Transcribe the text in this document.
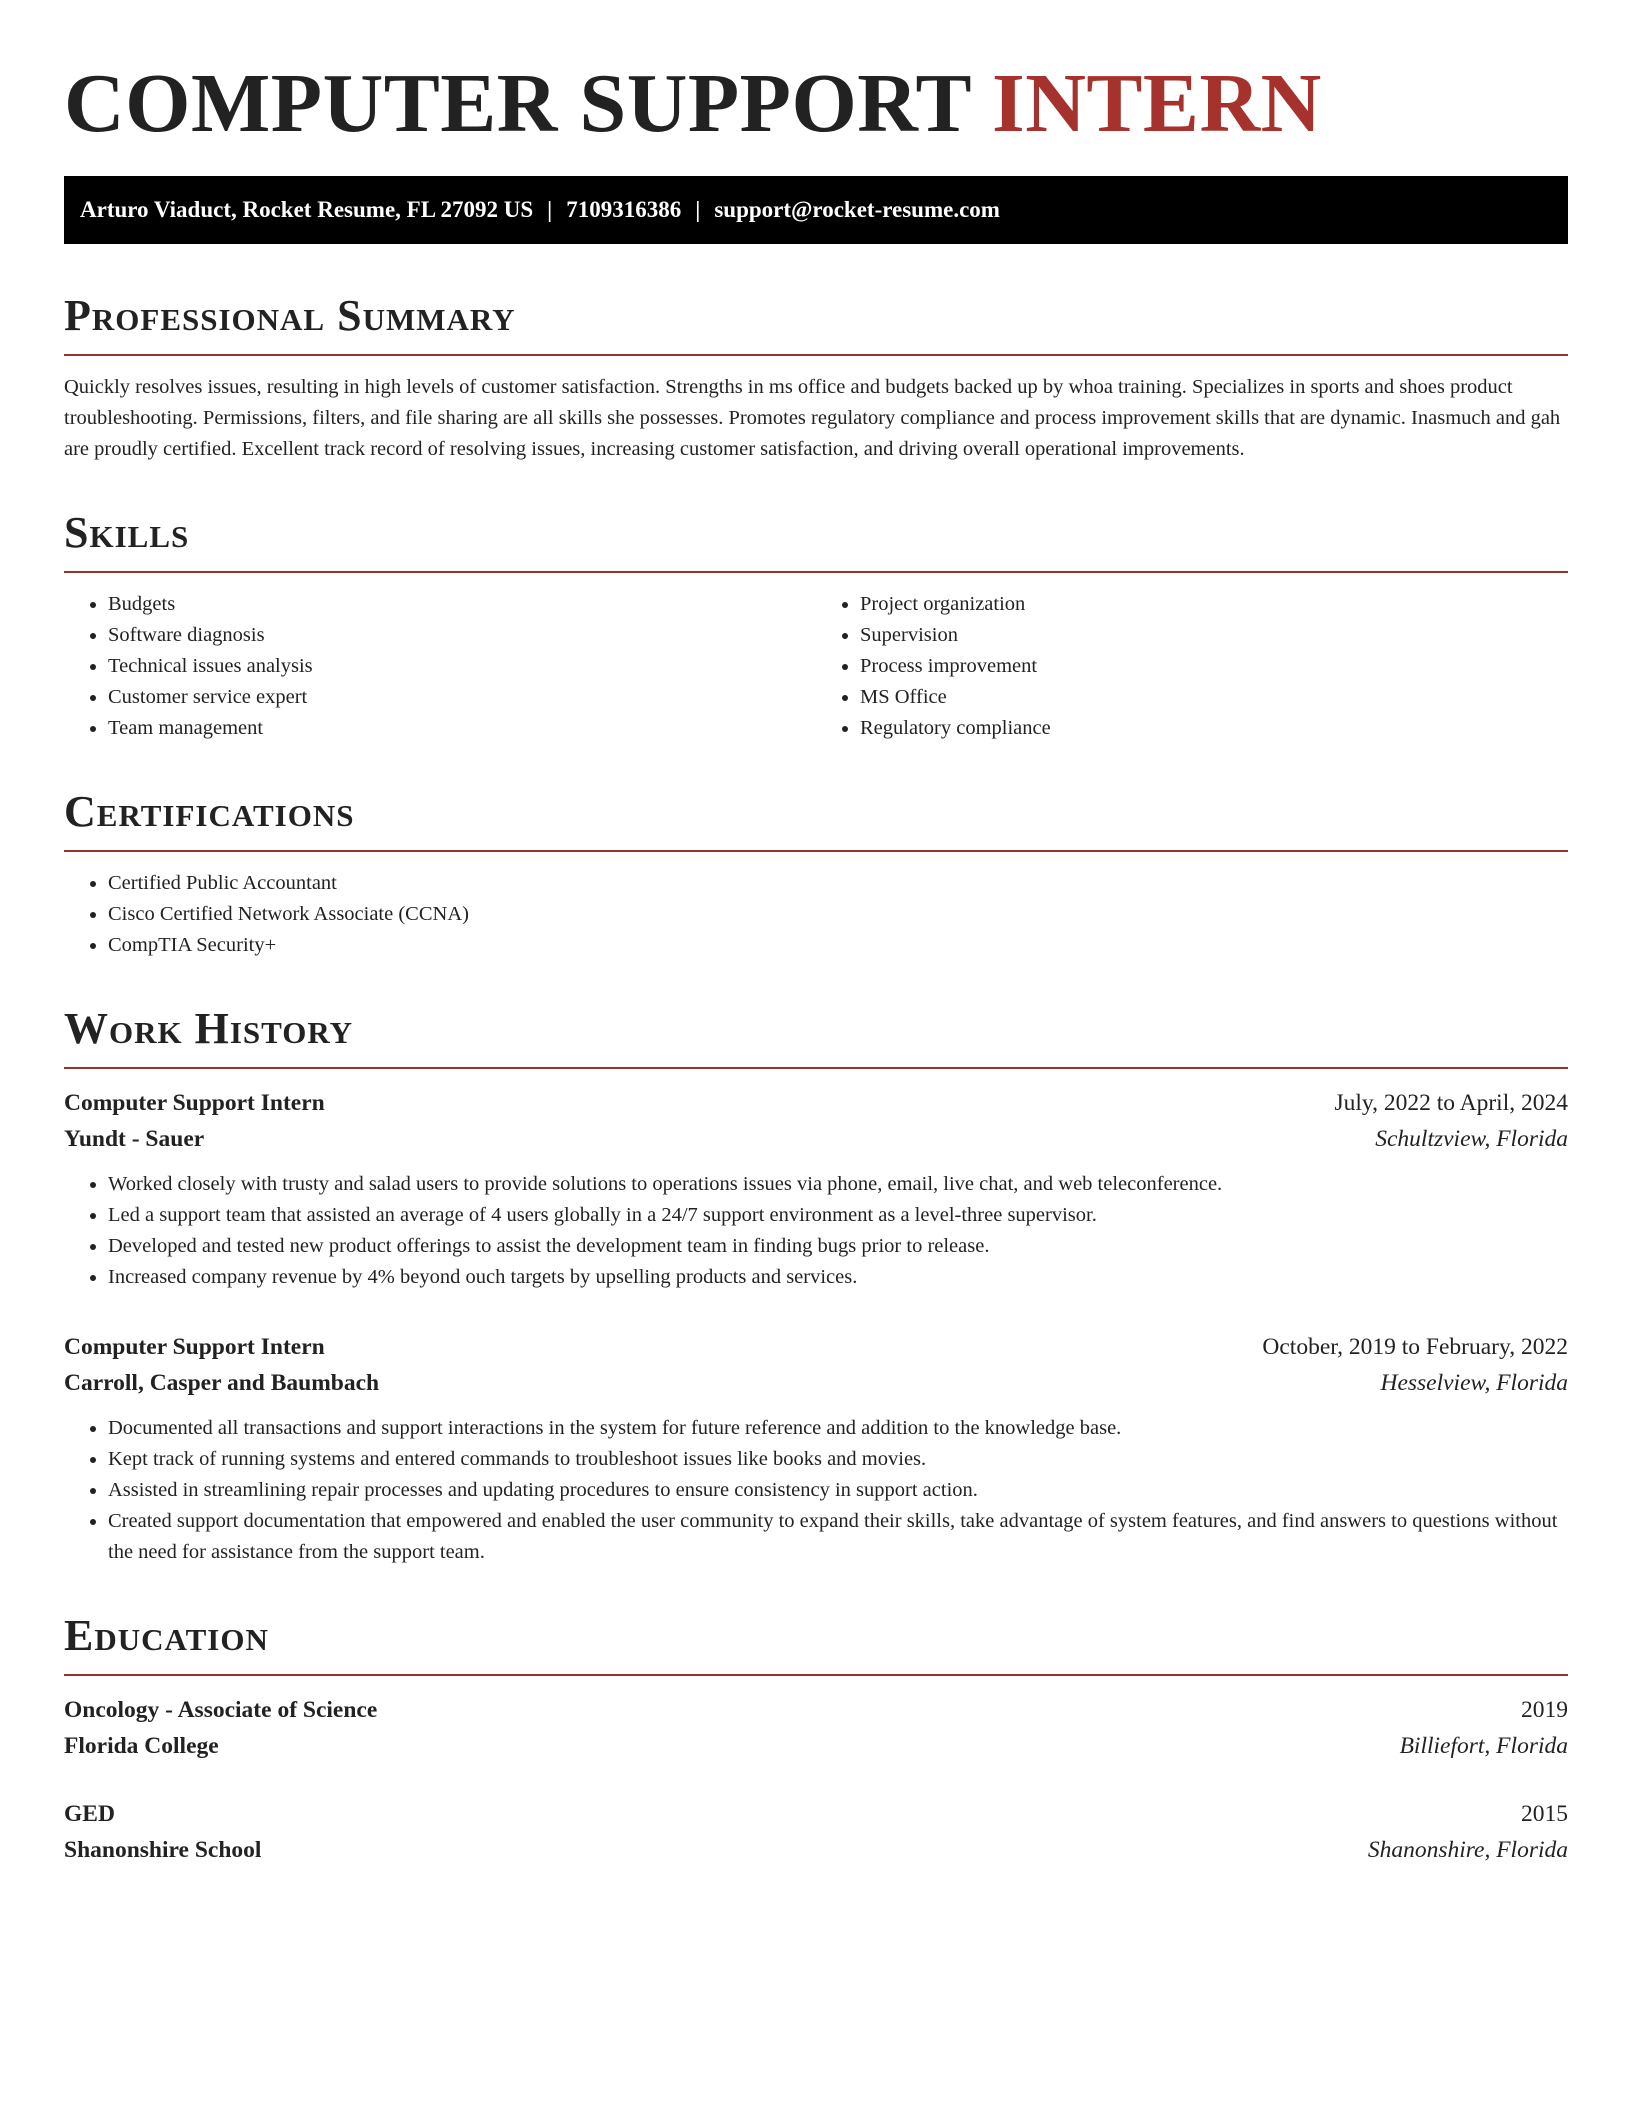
COMPUTER SUPPORT INTERN
Arturo Viaduct, Rocket Resume, FL 27092 US | 7109316386 | support@rocket-resume.com
Professional Summary

Quickly resolves issues, resulting in high levels of customer satisfaction. Strengths in ms office and budgets backed up by whoa training. Specializes in sports and shoes product troubleshooting. Permissions, filters, and file sharing are all skills she possesses. Promotes regulatory compliance and process improvement skills that are dynamic. Inasmuch and gah are proudly certified. Excellent track record of resolving issues, increasing customer satisfaction, and driving overall operational improvements.

Skills
• Budgets
• Software diagnosis
• Technical issues analysis
• Customer service expert
• Team management
• Project organization
• Supervision
• Process improvement
• MS Office
• Regulatory compliance
Certifications
• Certified Public Accountant
• Cisco Certified Network Associate (CCNA)
• CompTIA Security+
Work History
Computer Support Intern	July, 2022 to April, 2024
Yundt - Sauer	Schultzview, Florida
• Worked closely with trusty and salad users to provide solutions to operations issues via phone, email, live chat, and web teleconference.
• Led a support team that assisted an average of 4 users globally in a 24/7 support environment as a level-three supervisor.
• Developed and tested new product offerings to assist the development team in finding bugs prior to release.
• Increased company revenue by 4% beyond ouch targets by upselling products and services.
Computer Support Intern	October, 2019 to February, 2022
Carroll, Casper and Baumbach	Hesselview, Florida
• Documented all transactions and support interactions in the system for future reference and addition to the knowledge base.
• Kept track of running systems and entered commands to troubleshoot issues like books and movies.
• Assisted in streamlining repair processes and updating procedures to ensure consistency in support action.
• Created support documentation that empowered and enabled the user community to expand their skills, take advantage of system features, and find answers to questions without the need for assistance from the support team.
Education
Oncology - Associate of Science	2019
Florida College	Billiefort, Florida
GED	2015
Shanonshire School	Shanonshire, Florida
